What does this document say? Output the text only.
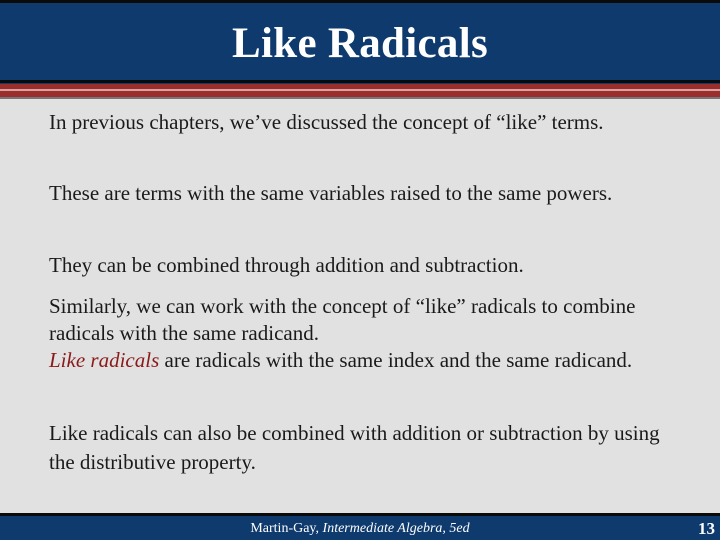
Like Radicals

In previous chapters, we’ve discussed the concept of “like” terms.

These are terms with the same variables raised to the same powers.

They can be combined through addition and subtraction.

Similarly, we can work with the concept of “like” radicals to combine radicals with the same radicand.

Like radicals are radicals with the same index and the same radicand.

Like radicals can also be combined with addition or subtraction by using the distributive property.

Martin-Gay, Intermediate Algebra, 5ed	13
